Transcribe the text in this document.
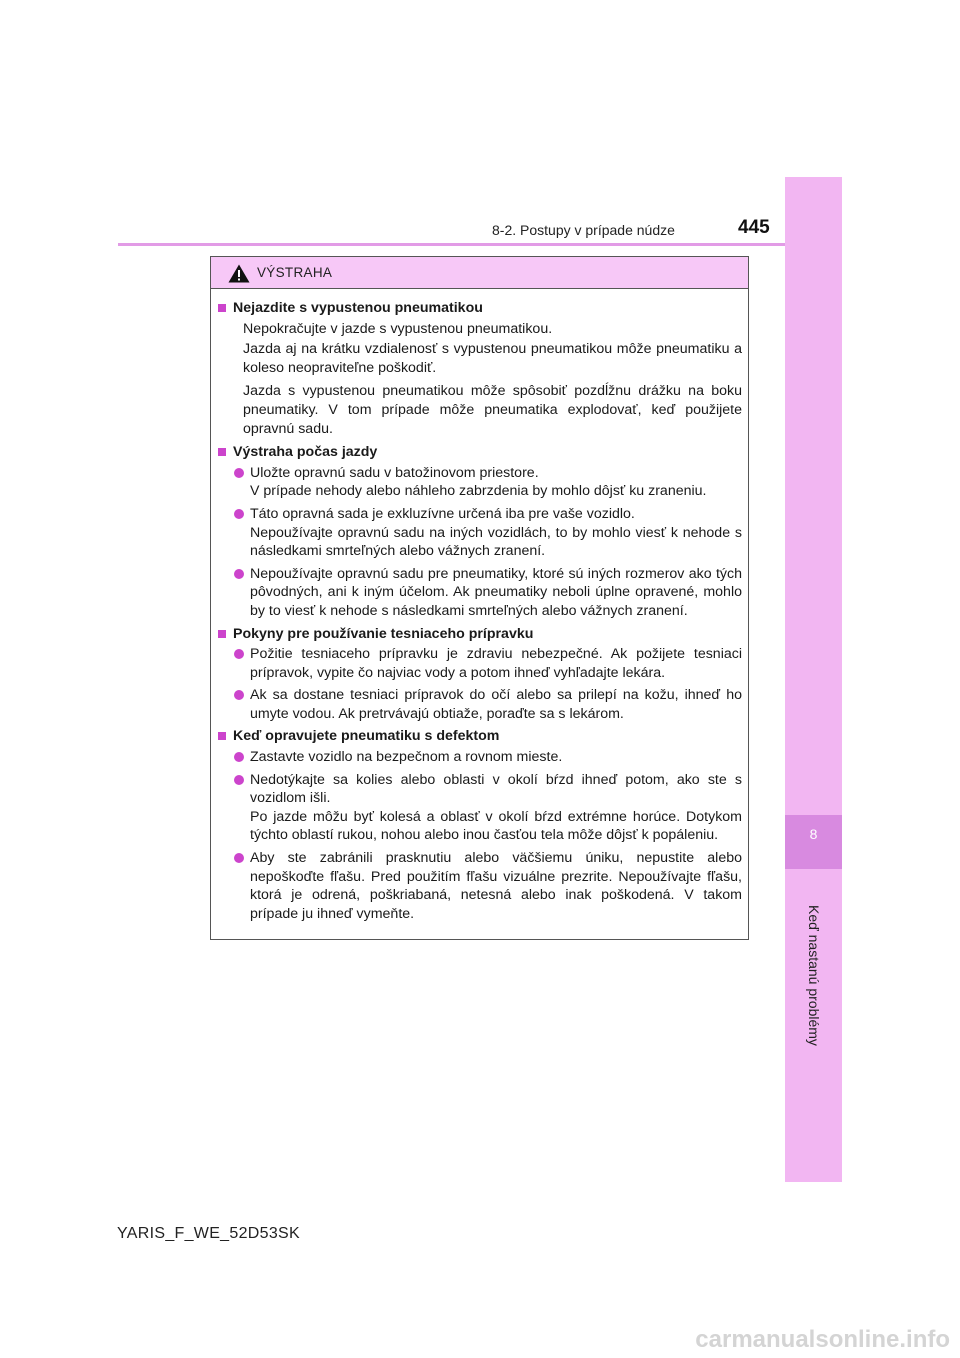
8
Keď nastanú problémy
8-2. Postupy v prípade núdze	445
VÝSTRAHA
Nejazdite s vypustenou pneumatikou
Nepokračujte v jazde s vypustenou pneumatikou.
Jazda aj na krátku vzdialenosť s vypustenou pneumatikou môže pneumatiku a koleso neopraviteľne poškodiť.
Jazda s vypustenou pneumatikou môže spôsobiť pozdĺžnu drážku na boku pneumatiky. V tom prípade môže pneumatika explodovať, keď použijete opravnú sadu.
Výstraha počas jazdy
Uložte opravnú sadu v batožinovom priestore.
V prípade nehody alebo náhleho zabrzdenia by mohlo dôjsť ku zraneniu.
Táto opravná sada je exkluzívne určená iba pre vaše vozidlo.
Nepoužívajte opravnú sadu na iných vozidlách, to by mohlo viesť k nehode s následkami smrteľných alebo vážnych zranení.
Nepoužívajte opravnú sadu pre pneumatiky, ktoré sú iných rozmerov ako tých pôvodných, ani k iným účelom. Ak pneumatiky neboli úplne opravené, mohlo by to viesť k nehode s následkami smrteľných alebo vážnych zranení.
Pokyny pre používanie tesniaceho prípravku
Požitie tesniaceho prípravku je zdraviu nebezpečné. Ak požijete tesniaci prípravok, vypite čo najviac vody a potom ihneď vyhľadajte lekára.
Ak sa dostane tesniaci prípravok do očí alebo sa prilepí na kožu, ihneď ho umyte vodou. Ak pretrvávajú obtiaže, poraďte sa s lekárom.
Keď opravujete pneumatiku s defektom
Zastavte vozidlo na bezpečnom a rovnom mieste.
Nedotýkajte sa kolies alebo oblasti v okolí bŕzd ihneď potom, ako ste s vozidlom išli.
Po jazde môžu byť kolesá a oblasť v okolí bŕzd extrémne horúce. Dotykom týchto oblastí rukou, nohou alebo inou časťou tela môže dôjsť k popáleniu.
Aby ste zabránili prasknutiu alebo väčšiemu úniku, nepustite alebo nepoškoďte fľašu. Pred použitím fľašu vizuálne prezrite. Nepoužívajte fľašu, ktorá je odrená, poškriabaná, netesná alebo inak poškodená. V takom prípade ju ihneď vymeňte.
YARIS_F_WE_52D53SK
carmanualsonline.info
